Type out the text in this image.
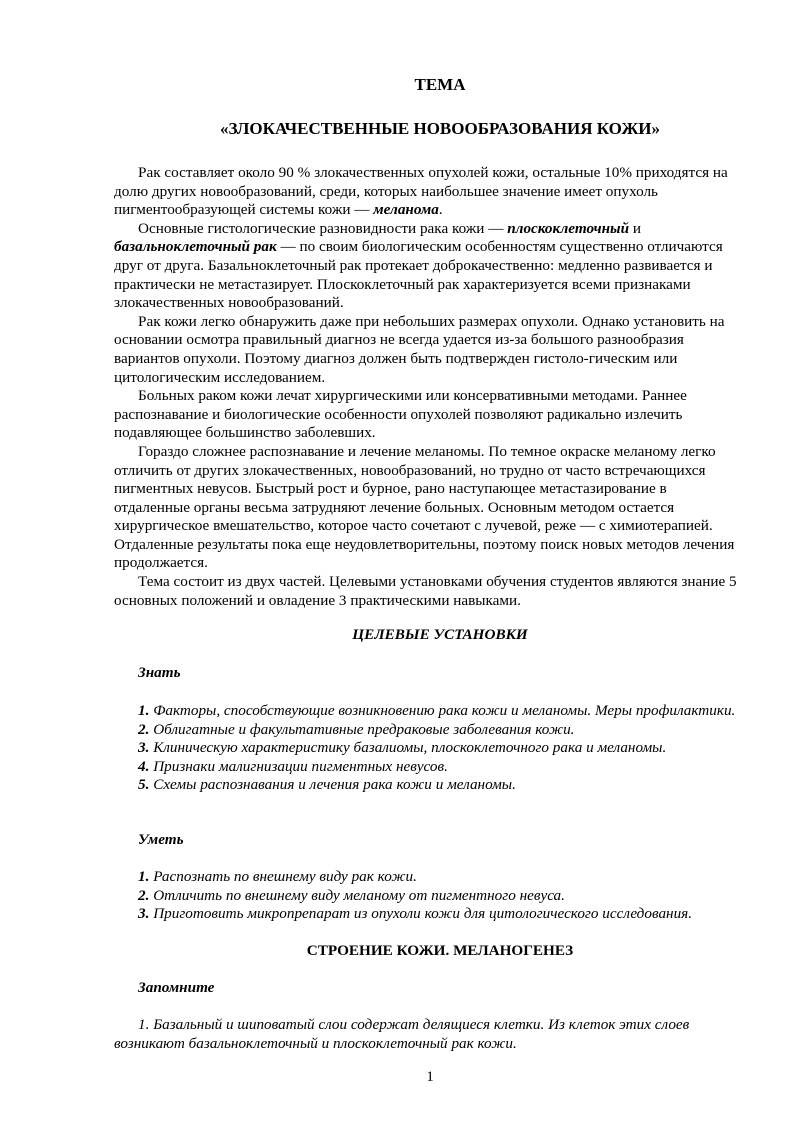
ТЕМА
«ЗЛОКАЧЕСТВЕННЫЕ НОВООБРАЗОВАНИЯ КОЖИ»

Рак составляет около 90 % злокачественных опухолей кожи, остальные 10% приходятся на долю других новообразований, среди, которых наибольшее значение имеет опухоль пигментообразующей системы кожи — меланома.

Основные гистологические разновидности рака кожи — плоскоклеточный и базальноклеточный рак — по своим биологическим особенностям существенно отличаются друг от друга. Базальноклеточный рак протекает доброкачественно: медленно развивается и практически не метастазирует. Плоскоклеточный рак характеризуется всеми признаками злокачественных новообразований.

Рак кожи легко обнаружить даже при небольших размерах опухоли. Однако установить на основании осмотра правильный диагноз не всегда удается из-за большого разнообразия вариантов опухоли. Поэтому диагноз должен быть подтвержден гистоло-гическим или цитологическим исследованием.

Больных раком кожи лечат хирургическими или консервативными методами. Раннее распознавание и биологические особенности опухолей позволяют радикально излечить подавляющее большинство заболевших.

Гораздо сложнее распознавание и лечение меланомы. По темное окраске меланому легко отличить от других злокачественных, новообразований, но трудно от часто встречающихся пигментных невусов. Быстрый рост и бурное, рано наступающее метастазирование в отдаленные органы весьма затрудняют лечение больных. Основным методом остается хирургическое вмешательство, которое часто сочетают с лучевой, реже — с химиотерапией. Отдаленные результаты пока еще неудовлетворительны, поэтому поиск новых методов лечения продолжается.

Тема состоит из двух частей. Целевыми установками обучения студентов являются знание 5 основных положений и овладение 3 практическими навыками.

ЦЕЛЕВЫЕ УСТАНОВКИ
Знать
1. Факторы, способствующие возникновению рака кожи и меланомы. Меры профилактики.
2. Облигатные и факультативные предраковые заболевания кожи.
3. Клиническую характеристику базалиомы, плоскоклеточного рака и меланомы.
4. Признаки малигнизации пигментных невусов.
5. Схемы распознавания и лечения рака кожи и меланомы.
Уметь
1. Распознать по внешнему виду рак кожи.
2. Отличить по внешнему виду меланому от пигментного невуса.
3. Приготовить микропрепарат из опухоли кожи для цитологического исследования.
СТРОЕНИЕ КОЖИ. МЕЛАНОГЕНЕЗ
Запомните
1. Базальный и шиповатый слои содержат делящиеся клетки. Из клеток этих слоев возникают базальноклеточный и плоскоклеточный рак кожи.
1
